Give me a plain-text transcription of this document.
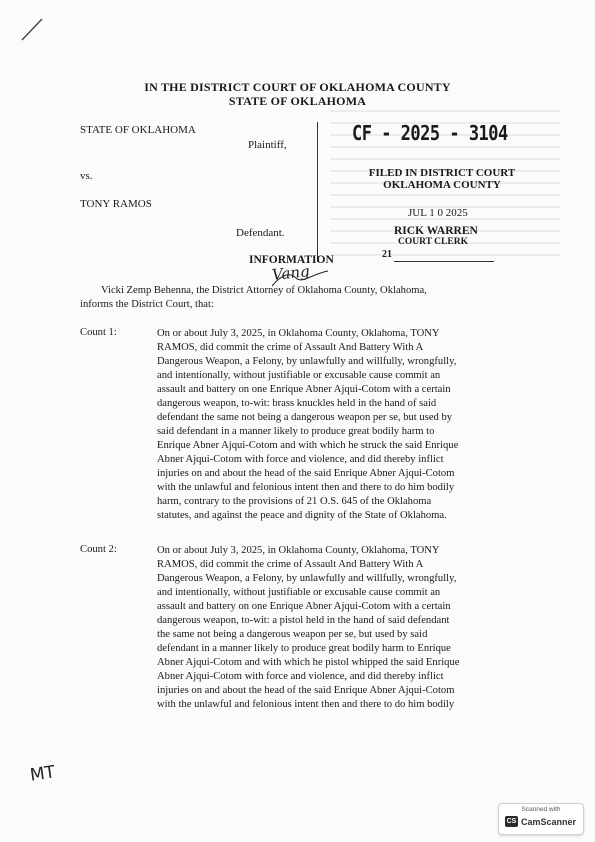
IN THE DISTRICT COURT OF OKLAHOMA COUNTY
STATE OF OKLAHOMA
STATE OF OKLAHOMA
Plaintiff,
vs.
TONY RAMOS
Defendant.
CF - 2025 - 3104
FILED IN DISTRICT COURT
OKLAHOMA COUNTY
JUL 1 0 2025
RICK WARREN
COURT CLERK
21
INFORMATION
Vang
Vicki Zemp Behenna, the District Attorney of Oklahoma County, Oklahoma,
informs the District Court, that:
Count 1:	On or about July 3, 2025, in Oklahoma County, Oklahoma, TONY
RAMOS, did commit the crime of Assault And Battery With A
Dangerous Weapon, a Felony, by unlawfully and willfully, wrongfully,
and intentionally, without justifiable or excusable cause commit an
assault and battery on one Enrique Abner Ajqui-Cotom with a certain
dangerous weapon, to-wit: brass knuckles held in the hand of said
defendant the same not being a dangerous weapon per se, but used by
said defendant in a manner likely to produce great bodily harm to
Enrique Abner Ajqui-Cotom and with which he struck the said Enrique
Abner Ajqui-Cotom with force and violence, and did thereby inflict
injuries on and about the head of the said Enrique Abner Ajqui-Cotom
with the unlawful and felonious intent then and there to do him bodily
harm, contrary to the provisions of 21 O.S. 645 of the Oklahoma
statutes, and against the peace and dignity of the State of Oklahoma.
Count 2:	On or about July 3, 2025, in Oklahoma County, Oklahoma, TONY
RAMOS, did commit the crime of Assault And Battery With A
Dangerous Weapon, a Felony, by unlawfully and willfully, wrongfully,
and intentionally, without justifiable or excusable cause commit an
assault and battery on one Enrique Abner Ajqui-Cotom with a certain
dangerous weapon, to-wit: a pistol held in the hand of said defendant
the same not being a dangerous weapon per se, but used by said
defendant in a manner likely to produce great bodily harm to Enrique
Abner Ajqui-Cotom and with which he pistol whipped the said Enrique
Abner Ajqui-Cotom with force and violence, and did thereby inflict
injuries on and about the head of the said Enrique Abner Ajqui-Cotom
with the unlawful and felonious intent then and there to do him bodily
MT
Scanned with
CS CamScanner
